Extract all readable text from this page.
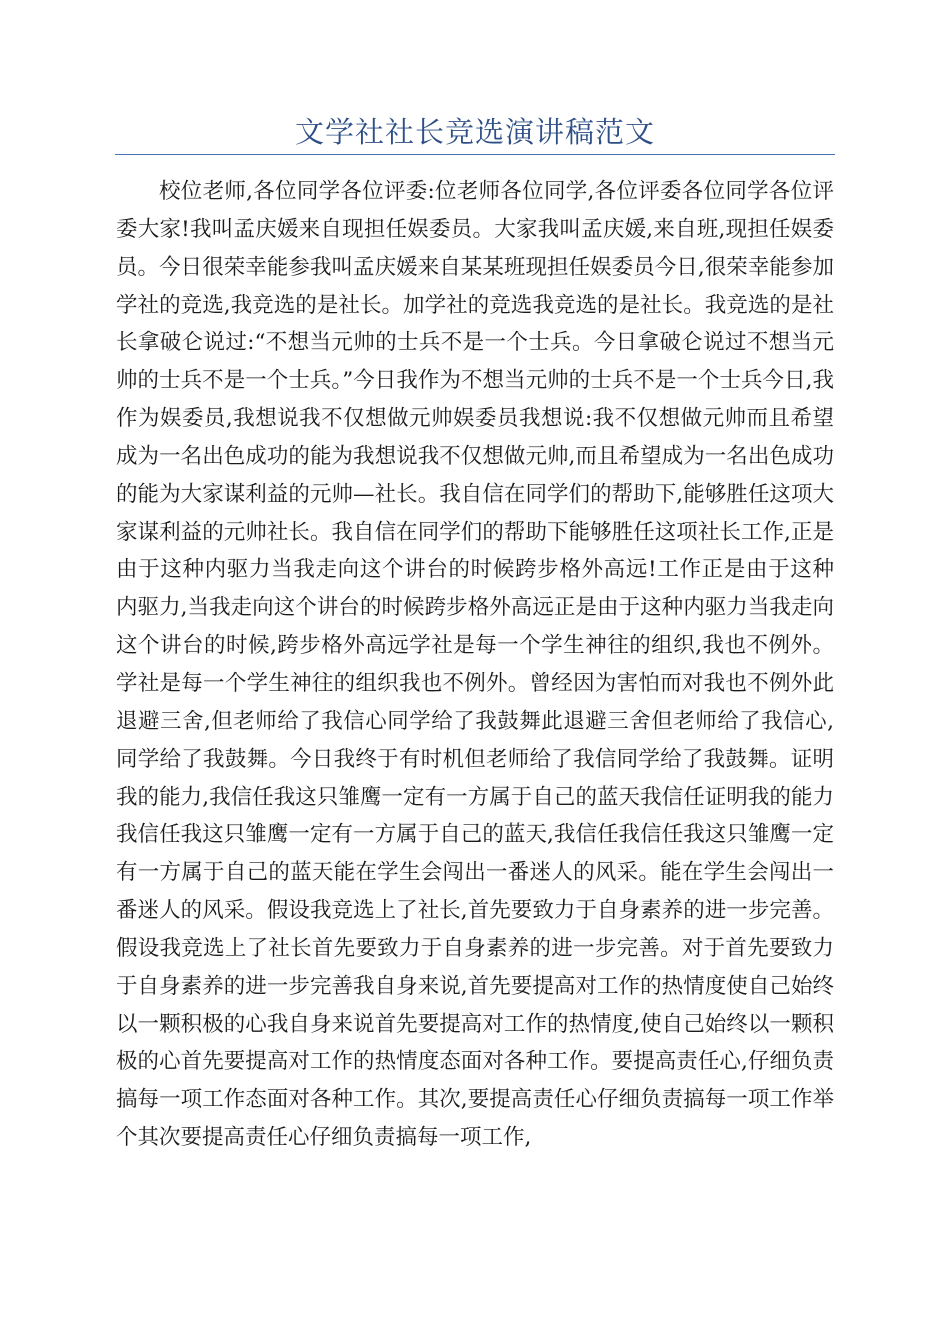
文学社社长竞选演讲稿范文

校位老师,各位同学各位评委:位老师各位同学,各位评委各位同学各位评委大家!我叫孟庆媛来自现担任娱委员。大家我叫孟庆媛,来自班,现担任娱委员。今日很荣幸能参我叫孟庆媛来自某某班现担任娱委员今日,很荣幸能参加学社的竞选,我竞选的是社长。加学社的竞选我竞选的是社长。我竞选的是社长拿破仑说过:“不想当元帅的士兵不是一个士兵。今日拿破仑说过不想当元帅的士兵不是一个士兵。”今日我作为不想当元帅的士兵不是一个士兵今日,我作为娱委员,我想说我不仅想做元帅娱委员我想说:我不仅想做元帅而且希望成为一名出色成功的能为我想说我不仅想做元帅,而且希望成为一名出色成功的能为大家谋利益的元帅—社长。我自信在同学们的帮助下,能够胜任这项大家谋利益的元帅社长。我自信在同学们的帮助下能够胜任这项社长工作,正是由于这种内驱力当我走向这个讲台的时候跨步格外高远!工作正是由于这种内驱力,当我走向这个讲台的时候跨步格外高远正是由于这种内驱力当我走向这个讲台的时候,跨步格外高远学社是每一个学生神往的组织,我也不例外。学社是每一个学生神往的组织我也不例外。曾经因为害怕而对我也不例外此退避三舍,但老师给了我信心同学给了我鼓舞此退避三舍但老师给了我信心,同学给了我鼓舞。今日我终于有时机但老师给了我信同学给了我鼓舞。证明我的能力,我信任我这只雏鹰一定有一方属于自己的蓝天我信任证明我的能力我信任我这只雏鹰一定有一方属于自己的蓝天,我信任我信任我这只雏鹰一定有一方属于自己的蓝天能在学生会闯出一番迷人的风采。能在学生会闯出一番迷人的风采。假设我竞选上了社长,首先要致力于自身素养的进一步完善。假设我竞选上了社长首先要致力于自身素养的进一步完善。对于首先要致力于自身素养的进一步完善我自身来说,首先要提高对工作的热情度使自己始终以一颗积极的心我自身来说首先要提高对工作的热情度,使自己始终以一颗积极的心首先要提高对工作的热情度态面对各种工作。要提高责任心,仔细负责搞每一项工作态面对各种工作。其次,要提高责任心仔细负责搞每一项工作举个其次要提高责任心仔细负责搞每一项工作,
